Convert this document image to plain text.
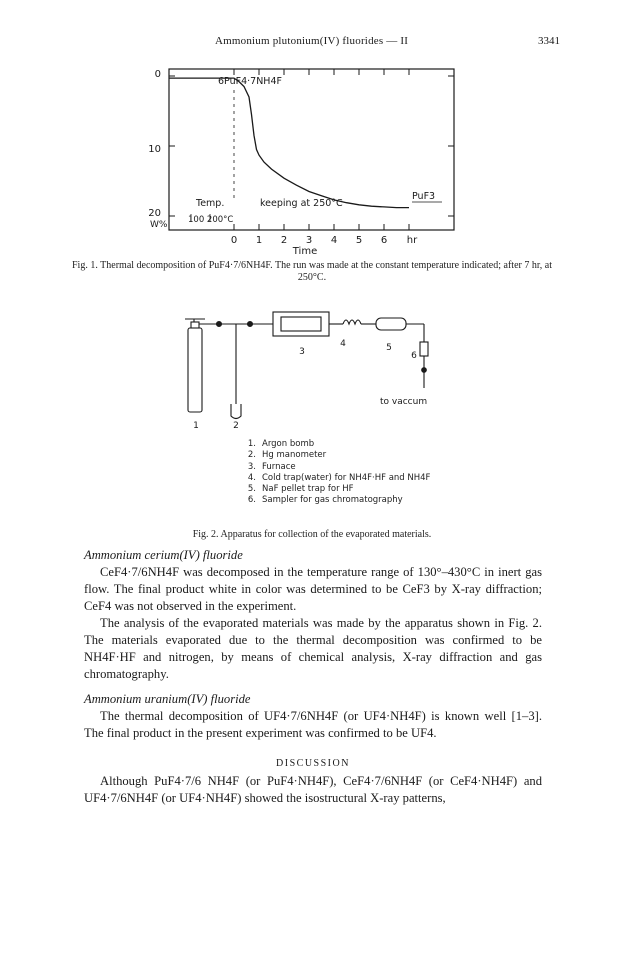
Ammonium plutonium(IV) fluorides — II	3341
0
10
20
W%
0 1 2 3 4 5 6 hr
Time
6PuF4·7NH4F
PuF3
Temp.
100 200°C
keeping at 250°C
Fig. 1. Thermal decomposition of PuF4·7/6NH4F. The run was made at the constant temperature indicated; after 7 hr, at 250°C.
1	2
3
4	5
6
to vaccum
1. Argon bomb
2. Hg manometer
3. Furnace
4. Cold trap(water) for NH4F·HF and NH4F
5. NaF pellet trap for HF
6. Sampler for gas chromatography
Fig. 2. Apparatus for collection of the evaporated materials.
Ammonium cerium(IV) fluoride

CeF4·7/6NH4F was decomposed in the temperature range of 130°–430°C in inert gas flow. The final product white in color was determined to be CeF3 by X-ray diffraction; CeF4 was not observed in the experiment.

The analysis of the evaporated materials was made by the apparatus shown in Fig. 2. The materials evaporated due to the thermal decomposition was confirmed to be NH4F·HF and nitrogen, by means of chemical analysis, X-ray diffraction and gas chromatography.

Ammonium uranium(IV) fluoride

The thermal decomposition of UF4·7/6NH4F (or UF4·NH4F) is known well [1–3]. The final product in the present experiment was confirmed to be UF4.

DISCUSSION

Although PuF4·7/6 NH4F (or PuF4·NH4F), CeF4·7/6NH4F (or CeF4·NH4F) and UF4·7/6NH4F (or UF4·NH4F) showed the isostructural X-ray patterns,
